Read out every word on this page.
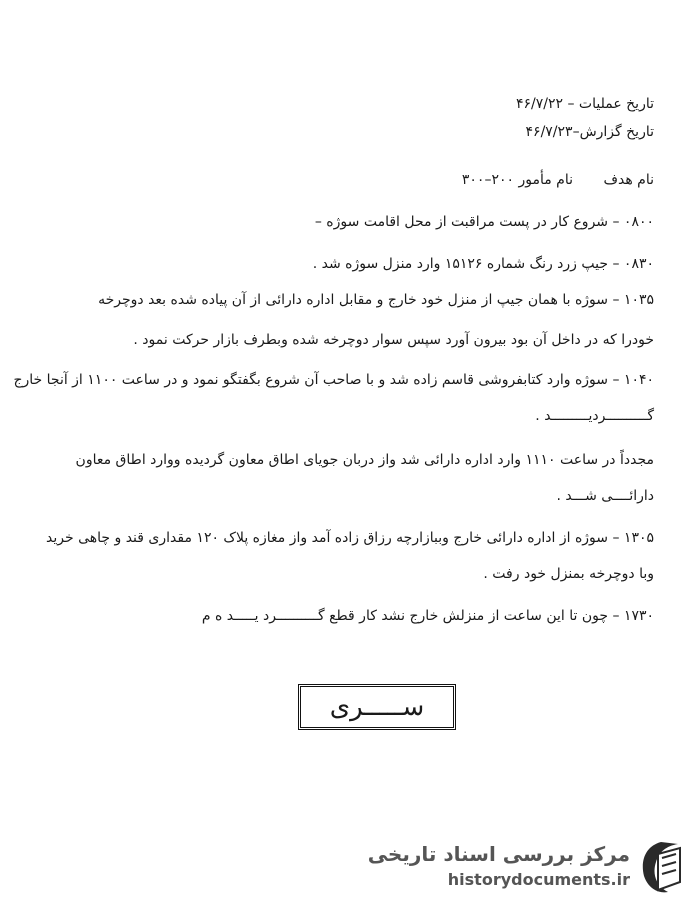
تاریخ عملیات – ۴۶/۷/۲۲
تاریخ گزارش–۴۶/۷/۲۳
نام هدف نام مأمور ۲۰۰–۳۰۰
۰۸۰۰ – شروع کار در پست مراقبت از محل اقامت سوژه –
۰۸۳۰ – جیپ زرد رنگ شماره ۱۵۱۲۶ وارد منزل سوژه شد .
۱۰۳۵ – سوژه با همان جیپ از منزل خود خارج و مقابل اداره دارائی از آن پیاده شده بعد دوچرخه
خودرا که در داخل آن بود بیرون آورد سپس سوار دوچرخه شده وبطرف بازار حرکت نمود .
۱۰۴۰ – سوژه وارد کتابفروشی قاسم زاده شد و با صاحب آن شروع بگفتگو نمود و در ساعت ۱۱۰۰ از آنجا خارج
گــــــــــردیـــــــــد .
مجدداً در ساعت ۱۱۱۰ وارد اداره دارائی شد واز دربان جویای اطاق معاون گردیده ووارد اطاق معاون
دارائــــی شـــد .
۱۳۰۵ – سوژه از اداره دارائی خارج وببازارچه رزاق زاده آمد واز مغازه پلاک ۱۲۰ مقداری قند و چاهی خرید
وبا دوچرخه بمنزل خود رفت .
۱۷۳۰ – چون تا این ساعت از منزلش خارج نشد کار قطع گــــــــــرد یـــــد ه م
ســـــری
مرکز بررسی اسناد تاریخی
historydocuments.ir
